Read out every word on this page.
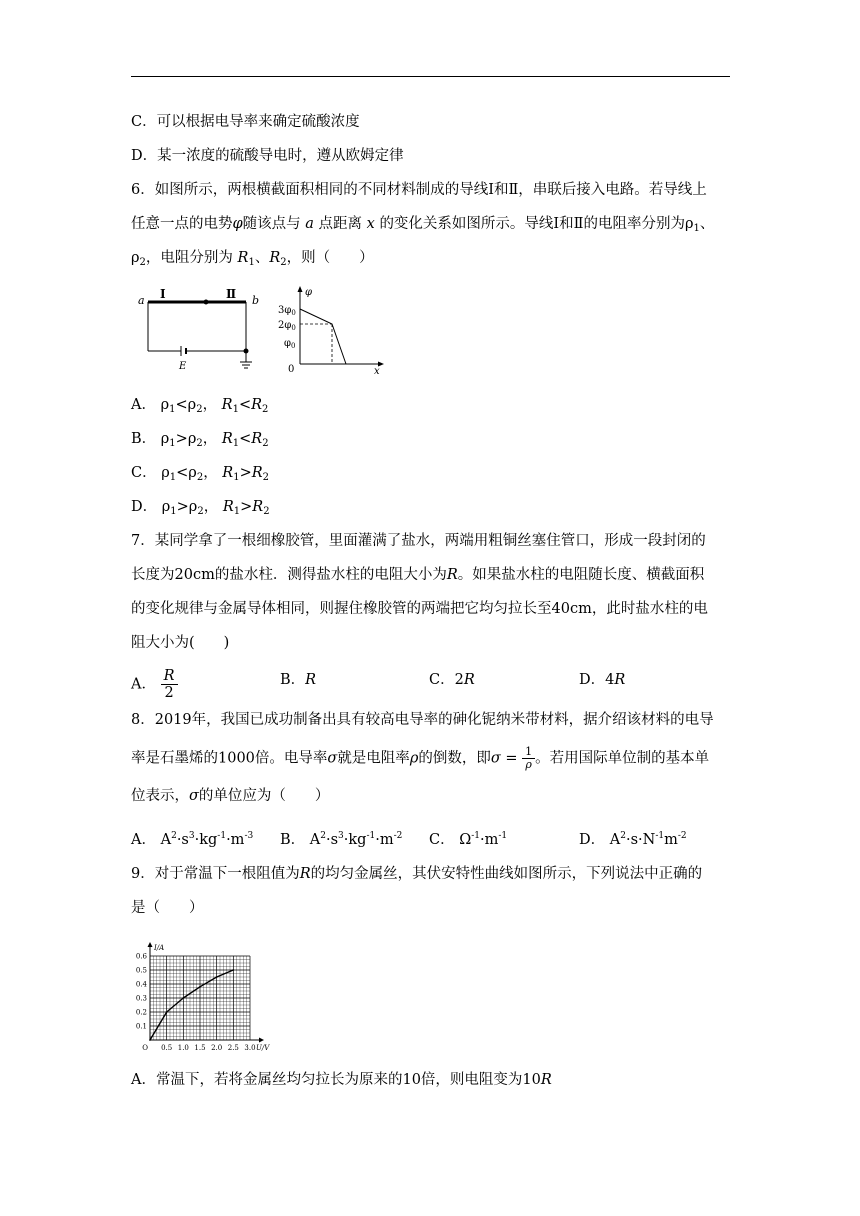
C．可以根据电导率来确定硫酸浓度
D．某一浓度的硫酸导电时，遵从欧姆定律
6．如图所示，两根横截面积相同的不同材料制成的导线Ⅰ和Ⅱ，串联后接入电路。若导线上
任意一点的电势φ随该点与 a 点距离 x 的变化关系如图所示。导线Ⅰ和Ⅱ的电阻率分别为$\rho_1$、
$\rho_2$，电阻分别为 $R_1$、$R_2$，则（　　）
a	b
Ⅰ	Ⅱ
E
φ
$3\varphi_0$
$2\varphi_0$
$\varphi_0$
0	x
A． $\rho_1<\rho_2$， $R_1<R_2$
B． $\rho_1>\rho_2$， $R_1<R_2$
C． $\rho_1<\rho_2$， $R_1>R_2$
D． $\rho_1>\rho_2$， $R_1>R_2$
7．某同学拿了一根细橡胶管，里面灌满了盐水，两端用粗铜丝塞住管口，形成一段封闭的
长度为20cm的盐水柱．测得盐水柱的电阻大小为R。如果盐水柱的电阻随长度、横截面积
的变化规律与金属导体相同，则握住橡胶管的两端把它均匀拉长至40cm，此时盐水柱的电
阻大小为(　　)
A． $\frac{R}{2}$	B．R	C．2R	D．4R
8．2019年，我国已成功制备出具有较高电导率的砷化铌纳米带材料，据介绍该材料的电导
率是石墨烯的1000倍。电导率σ就是电阻率ρ的倒数，即$\sigma = \frac{1}{\rho}$ 。若用国际单位制的基本单
位表示，σ的单位应为（　　）
A． $A^2\cdot s^3\cdot kg^{-1}\cdot m^{-3}$ B． $A^2\cdot s^3\cdot kg^{-1}\cdot m^{-2}$ C． $\Omega^{-1}\cdot m^{-1}$	D． $A^2\cdot s\cdot N^{-1}m^{-2}$
9．对于常温下一根阻值为R的均匀金属丝，其伏安特性曲线如图所示，下列说法中正确的
是（　　）
0.5 1.0 1.5 2.0 2.5 3.0
0.1
0.2
0.3
0.4
0.5
0.6
O	U/V
I/A
A．常温下，若将金属丝均匀拉长为原来的10倍，则电阻变为10R
